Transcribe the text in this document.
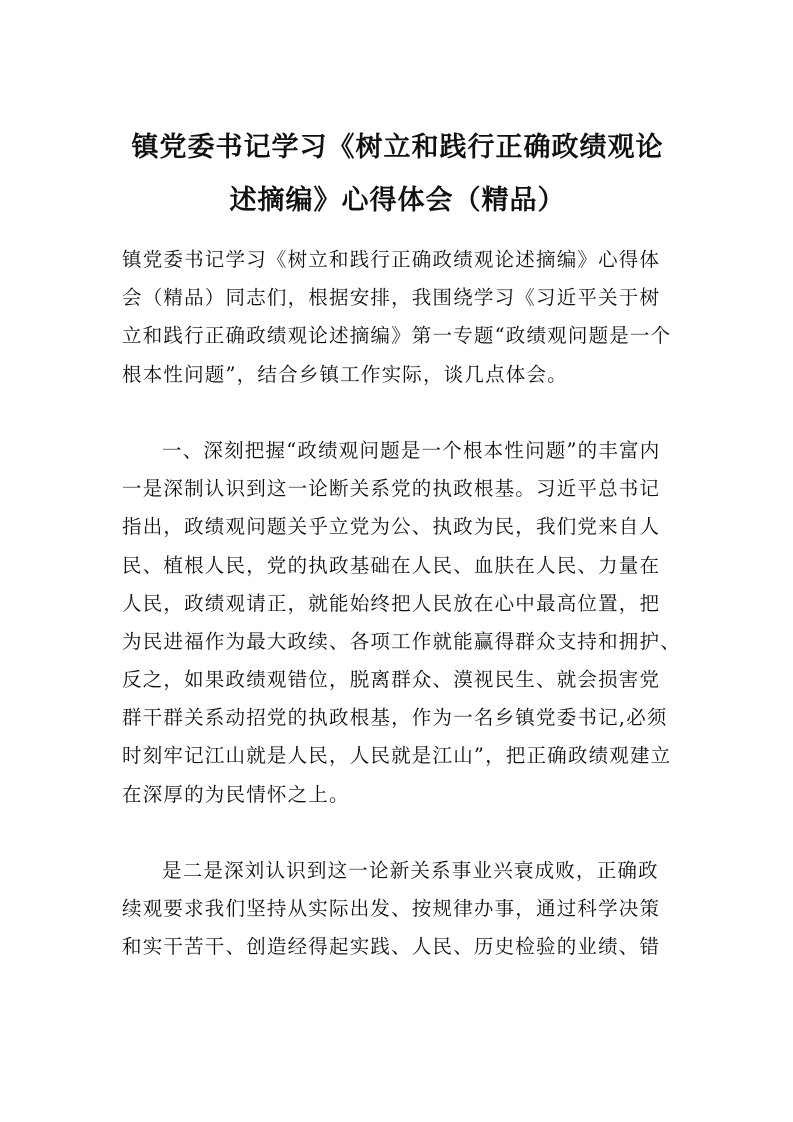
镇党委书记学习《树立和践行正确政绩观论
述摘编》心得体会（精品）
镇党委书记学习《树立和践行正确政绩观论述摘编》心得体
会（精品）同志们，根据安排，我围绕学习《习近平关于树
立和践行正确政绩观论述摘编》第一专题“政绩观问题是一个
根本性问题”，结合乡镇工作实际，谈几点体会。
一、深刻把握“政绩观问题是一个根本性问题”的丰富内
一是深制认识到这一论断关系党的执政根基。习近平总书记
指出，政绩观问题关乎立党为公、执政为民，我们党来自人
民、植根人民，党的执政基础在人民、血肤在人民、力量在
人民，政绩观请正，就能始终把人民放在心中最高位置，把
为民进福作为最大政续、各项工作就能赢得群众支持和拥护、
反之，如果政绩观错位，脱离群众、漠视民生、就会损害党
群干群关系动招党的执政根基，作为一名乡镇党委书记,必须
时刻牢记江山就是人民，人民就是江山”，把正确政绩观建立
在深厚的为民情怀之上。
是二是深刘认识到这一论新关系事业兴衰成败，正确政
续观要求我们坚持从实际出发、按规律办事，通过科学决策
和实干苦干、创造经得起实践、人民、历史检验的业绩、错
